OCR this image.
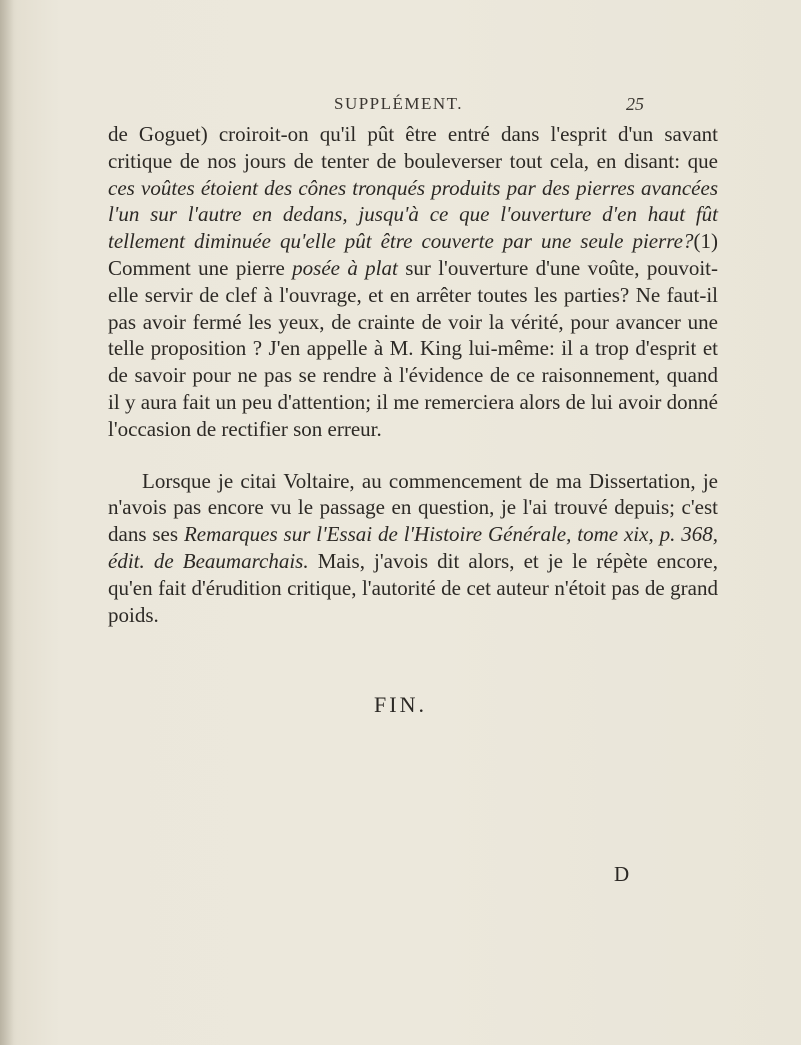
SUPPLÉMENT.	25

de Goguet) croiroit-on qu'il pût être entré dans l'esprit d'un savant critique de nos jours de tenter de bouleverser tout cela, en disant: que ces voûtes étoient des cônes tronqués produits par des pierres avancées l'un sur l'autre en dedans, jusqu'à ce que l'ouverture d'en haut fût tellement diminuée qu'elle pût être couverte par une seule pierre?(1) Comment une pierre posée à plat sur l'ouverture d'une voûte, pouvoit-elle servir de clef à l'ouvrage, et en arrêter toutes les parties? Ne faut-il pas avoir fermé les yeux, de crainte de voir la vérité, pour avancer une telle proposition ? J'en appelle à M. King lui-même: il a trop d'esprit et de savoir pour ne pas se rendre à l'évidence de ce raisonnement, quand il y aura fait un peu d'attention; il me remerciera alors de lui avoir donné l'occasion de rectifier son erreur.

Lorsque je citai Voltaire, au commencement de ma Dissertation, je n'avois pas encore vu le passage en question, je l'ai trouvé depuis; c'est dans ses Remarques sur l'Essai de l'Histoire Générale, tome xix, p. 368, édit. de Beaumarchais. Mais, j'avois dit alors, et je le répète encore, qu'en fait d'érudition critique, l'autorité de cet auteur n'étoit pas de grand poids.

FIN.
D
